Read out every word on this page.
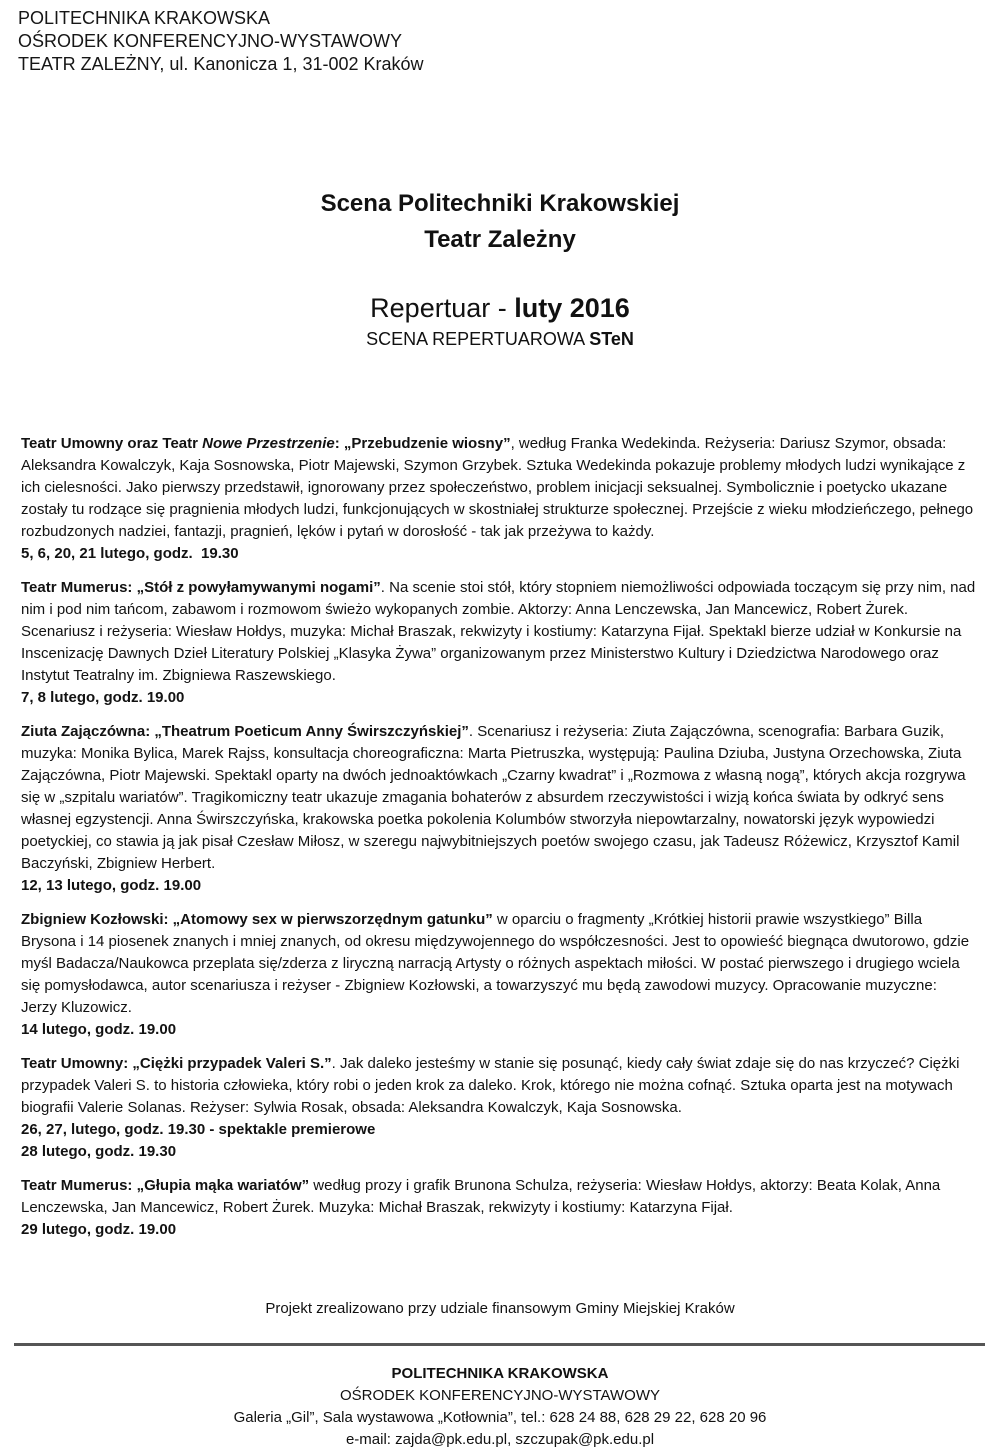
POLITECHNIKA KRAKOWSKA
OŚRODEK KONFERENCYJNO-WYSTAWOWY
TEATR ZALEŻNY, ul. Kanonicza 1, 31-002 Kraków
Scena Politechniki Krakowskiej
Teatr Zależny
Repertuar - luty 2016
SCENA REPERTUAROWA STeN

Teatr Umowny oraz Teatr Nowe Przestrzenie: „Przebudzenie wiosny”, według Franka Wedekinda. Reżyseria: Dariusz Szymor, obsada: Aleksandra Kowalczyk, Kaja Sosnowska, Piotr Majewski, Szymon Grzybek. Sztuka Wedekinda pokazuje problemy młodych ludzi wynikające z ich cielesności. Jako pierwszy przedstawił, ignorowany przez społeczeństwo, problem inicjacji seksualnej. Symbolicznie i poetycko ukazane zostały tu rodzące się pragnienia młodych ludzi, funkcjonujących w skostniałej strukturze społecznej. Przejście z wieku młodzieńczego, pełnego rozbudzonych nadziei, fantazji, pragnień, lęków i pytań w dorosłość - tak jak przeżywa to każdy.

5, 6, 20, 21 lutego, godz.  19.30

Teatr Mumerus: „Stół z powyłamywanymi nogami”. Na scenie stoi stół, który stopniem niemożliwości odpowiada toczącym się przy nim, nad nim i pod nim tańcom, zabawom i rozmowom świeżo wykopanych zombie. Aktorzy: Anna Lenczewska, Jan Mancewicz, Robert Żurek. Scenariusz i reżyseria: Wiesław Hołdys, muzyka: Michał Braszak, rekwizyty i kostiumy: Katarzyna Fijał. Spektakl bierze udział w Konkursie na Inscenizację Dawnych Dzieł Literatury Polskiej „Klasyka Żywa” organizowanym przez Ministerstwo Kultury i Dziedzictwa Narodowego oraz Instytut Teatralny im. Zbigniewa Raszewskiego.

7, 8 lutego, godz. 19.00

Ziuta Zajączówna: „Theatrum Poeticum Anny Świrszczyńskiej”. Scenariusz i reżyseria: Ziuta Zajączówna, scenografia: Barbara Guzik, muzyka: Monika Bylica, Marek Rajss, konsultacja choreograficzna: Marta Pietruszka, występują: Paulina Dziuba, Justyna Orzechowska, Ziuta Zajączówna, Piotr Majewski. Spektakl oparty na dwóch jednoaktówkach „Czarny kwadrat” i „Rozmowa z własną nogą”, których akcja rozgrywa się w „szpitalu wariatów”. Tragikomiczny teatr ukazuje zmagania bohaterów z absurdem rzeczywistości i wizją końca świata by odkryć sens własnej egzystencji. Anna Świrszczyńska, krakowska poetka pokolenia Kolumbów stworzyła niepowtarzalny, nowatorski język wypowiedzi poetyckiej, co stawia ją jak pisał Czesław Miłosz, w szeregu najwybitniejszych poetów swojego czasu, jak Tadeusz Różewicz, Krzysztof Kamil Baczyński, Zbigniew Herbert.

12, 13 lutego, godz. 19.00

Zbigniew Kozłowski: „Atomowy sex w pierwszorzędnym gatunku” w oparciu o fragmenty „Krótkiej historii prawie wszystkiego” Billa Brysona i 14 piosenek znanych i mniej znanych, od okresu międzywojennego do współczesności. Jest to opowieść biegnąca dwutorowo, gdzie myśl Badacza/Naukowca przeplata się/zderza z liryczną narracją Artysty o różnych aspektach miłości. W postać pierwszego i drugiego wciela się pomysłodawca, autor scenariusza i reżyser - Zbigniew Kozłowski, a towarzyszyć mu będą zawodowi muzycy. Opracowanie muzyczne: Jerzy Kluzowicz.

14 lutego, godz. 19.00

Teatr Umowny: „Ciężki przypadek Valeri S.”. Jak daleko jesteśmy w stanie się posunąć, kiedy cały świat zdaje się do nas krzyczeć? Ciężki przypadek Valeri S. to historia człowieka, który robi o jeden krok za daleko. Krok, którego nie można cofnąć. Sztuka oparta jest na motywach biografii Valerie Solanas. Reżyser: Sylwia Rosak, obsada: Aleksandra Kowalczyk, Kaja Sosnowska.

26, 27, lutego, godz. 19.30 - spektakle premierowe
28 lutego, godz. 19.30

Teatr Mumerus: „Głupia mąka wariatów” według prozy i grafik Brunona Schulza, reżyseria: Wiesław Hołdys, aktorzy: Beata Kolak, Anna Lenczewska, Jan Mancewicz, Robert Żurek. Muzyka: Michał Braszak, rekwizyty i kostiumy: Katarzyna Fijał.

29 lutego, godz. 19.00
Projekt zrealizowano przy udziale finansowym Gminy Miejskiej Kraków
POLITECHNIKA KRAKOWSKA
OŚRODEK KONFERENCYJNO-WYSTAWOWY
Galeria „Gil”, Sala wystawowa „Kotłownia”, tel.: 628 24 88, 628 29 22, 628 20 96
e-mail: zajda@pk.edu.pl, szczupak@pk.edu.pl
